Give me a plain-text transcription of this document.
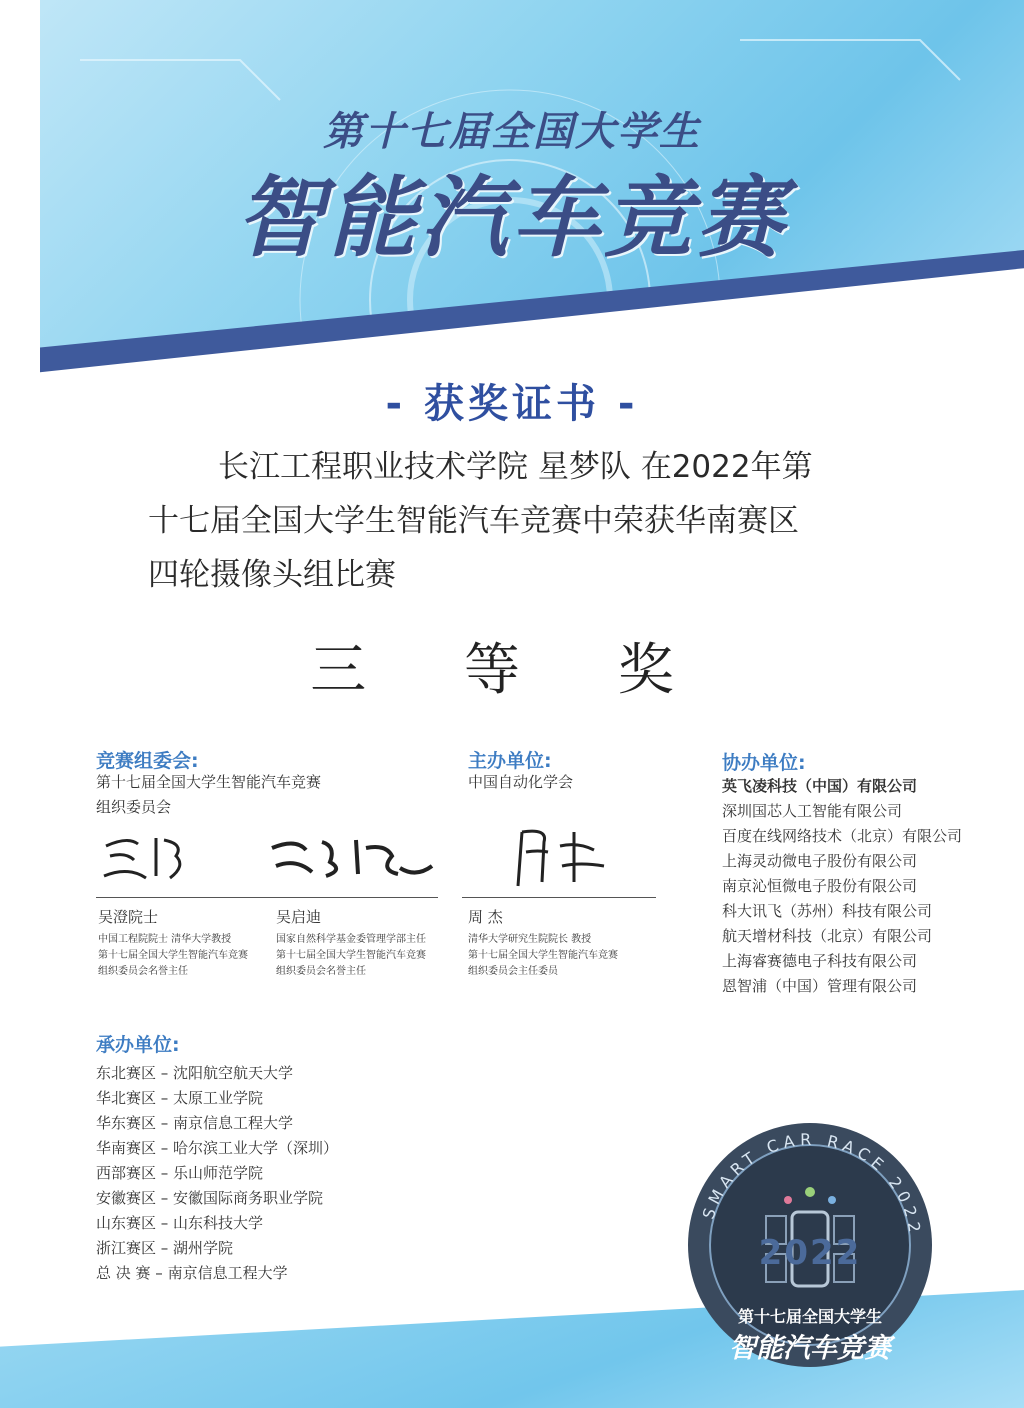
第十七届全国大学生
智能汽车竞赛
- 获奖证书 -
长江工程职业技术学院 星梦队 在2022年第
十七届全国大学生智能汽车竞赛中荣获华南赛区
四轮摄像头组比赛
三 等 奖
竞赛组委会:
第十七届全国大学生智能汽车竞赛
组织委员会
吴澄院士
中国工程院院士 清华大学教授
第十七届全国大学生智能汽车竞赛
组织委员会名誉主任
吴启迪
国家自然科学基金委管理学部主任
第十七届全国大学生智能汽车竞赛
组织委员会名誉主任
主办单位:
中国自动化学会
周 杰
清华大学研究生院院长 教授
第十七届全国大学生智能汽车竞赛
组织委员会主任委员
协办单位:
英飞凌科技（中国）有限公司
深圳国芯人工智能有限公司
百度在线网络技术（北京）有限公司
上海灵动微电子股份有限公司
南京沁恒微电子股份有限公司
科大讯飞（苏州）科技有限公司
航天增材科技（北京）有限公司
上海睿赛德电子科技有限公司
恩智浦（中国）管理有限公司
承办单位:
东北赛区 – 沈阳航空航天大学
华北赛区 – 太原工业学院
华东赛区 – 南京信息工程大学
华南赛区 – 哈尔滨工业大学（深圳）
西部赛区 – 乐山师范学院
安徽赛区 – 安徽国际商务职业学院
山东赛区 – 山东科技大学
浙江赛区 – 湖州学院
总 决 赛 – 南京信息工程大学
SMART CAR RACE 2022
2022
第十七届全国大学生
智能汽车竞赛
